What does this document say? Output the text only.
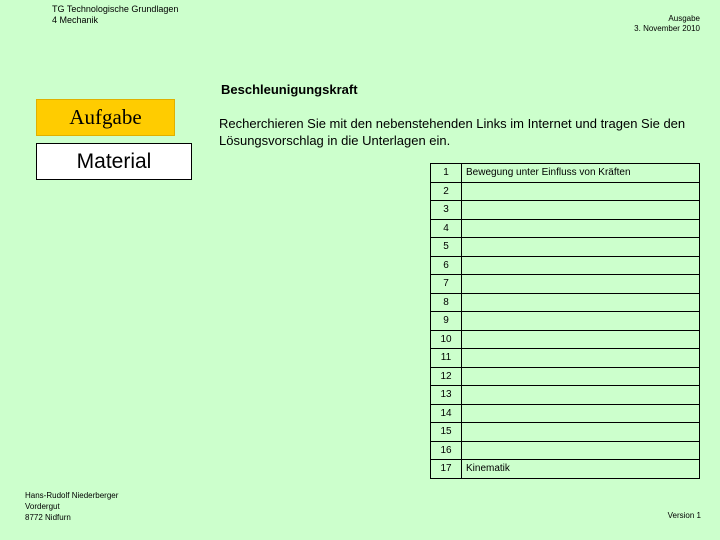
TG Technologische Grundlagen
4 Mechanik	Ausgabe
3. November 2010
Beschleunigungskraft
Aufgabe
Material
Recherchieren Sie mit den nebenstehenden Links im Internet und tragen Sie den Lösungsvorschlag in die Unterlagen ein.
1	Bewegung unter Einfluss von Kräften
2	
3	
4	
5	
6	
7	
8	
9	
10	
11	
12	
13	
14	
15	
16	
17	Kinematik
Hans-Rudolf Niederberger
Vordergut
8772 Nidfurn	Version 1
